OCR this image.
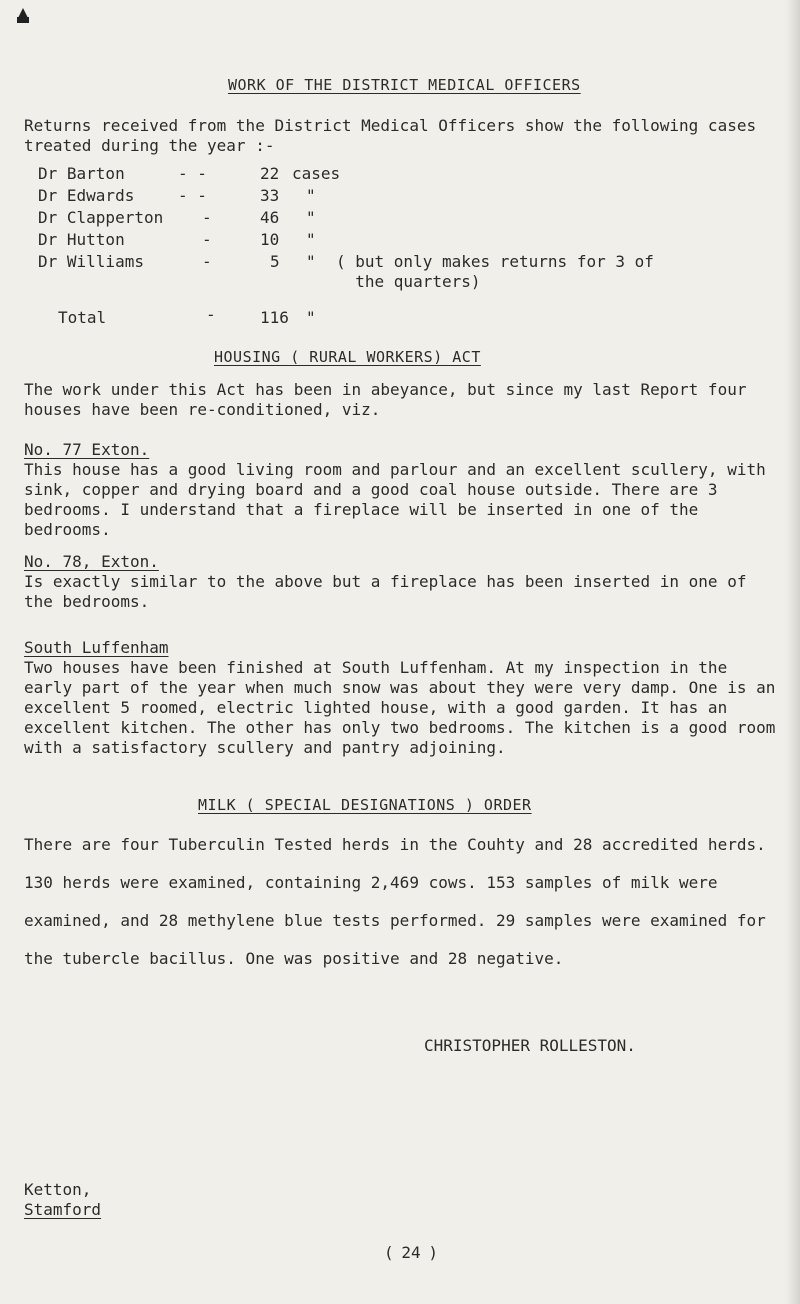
WORK OF THE DISTRICT MEDICAL OFFICERS
Returns received from the District Medical Officers show the following cases treated during the year :-
Dr Barton	- -	22 cases
Dr Edwards	- -	33 "
Dr Clapperton -	46 "
Dr Hutton	-	10 "
Dr Williams	-	5 " ( but only makes returns for 3 of
the quarters)
Total	-	116 "
HOUSING ( RURAL WORKERS) ACT
The work under this Act has been in abeyance, but since my last Report four houses have been re-conditioned, viz.
No. 77 Exton.
This house has a good living room and parlour and an excellent scullery, with sink, copper and drying board and a good coal house outside. There are 3 bedrooms. I understand that a fireplace will be inserted in one of the bedrooms.
No. 78, Exton.
Is exactly similar to the above but a fireplace has been inserted in one of the bedrooms.
South Luffenham
Two houses have been finished at South Luffenham. At my inspection in the early part of the year when much snow was about they were very damp. One is an excellent 5 roomed, electric lighted house, with a good garden. It has an excellent kitchen. The other has only two bedrooms. The kitchen is a good room with a satisfactory scullery and pantry adjoining.
MILK ( SPECIAL DESIGNATIONS ) ORDER
There are four Tuberculin Tested herds in the Couhty and 28 accredited herds. 130 herds were examined, containing 2,469 cows. 153 samples of milk were examined, and 28 methylene blue tests performed. 29 samples were examined for the tubercle bacillus. One was positive and 28 negative.
CHRISTOPHER ROLLESTON.
Ketton,
Stamford
( 24 )
